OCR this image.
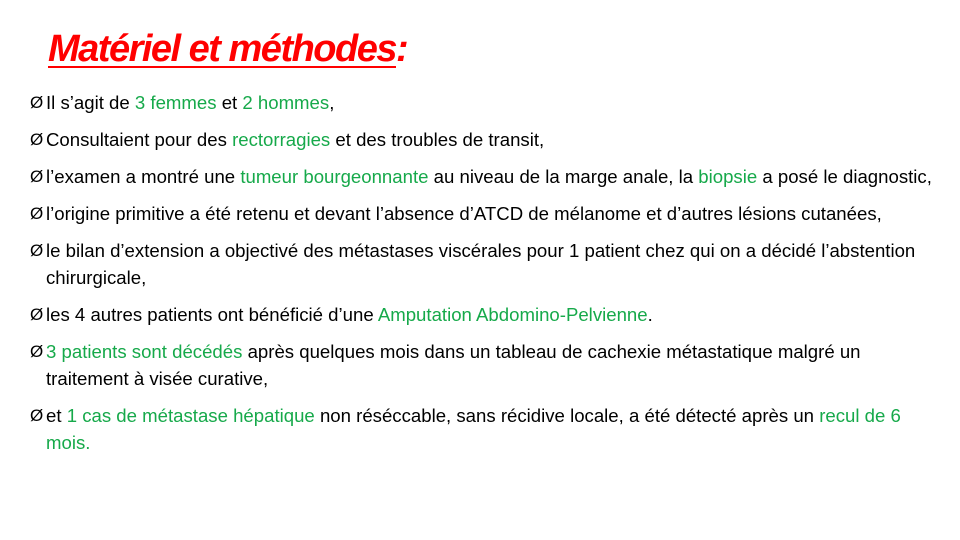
Matériel et méthodes:
Ø Il s’agit de 3 femmes et 2 hommes,
Ø Consultaient pour des rectorragies et des troubles de transit,
Ø l’examen a montré une tumeur bourgeonnante au niveau de la marge anale, la biopsie a posé le diagnostic,
Ø l’origine primitive a été retenu et devant l’absence d’ATCD de mélanome et d’autres lésions cutanées,
Ø le bilan d’extension a objectivé des métastases viscérales pour 1 patient chez qui on a décidé l’abstention chirurgicale,
Ø les 4 autres patients ont bénéficié d’une Amputation Abdomino-Pelvienne.
Ø 3 patients sont décédés après quelques mois dans un tableau de cachexie métastatique malgré un traitement à visée curative,
Ø et 1 cas de métastase hépatique non réséccable, sans récidive locale, a été détecté après un recul de 6 mois.
